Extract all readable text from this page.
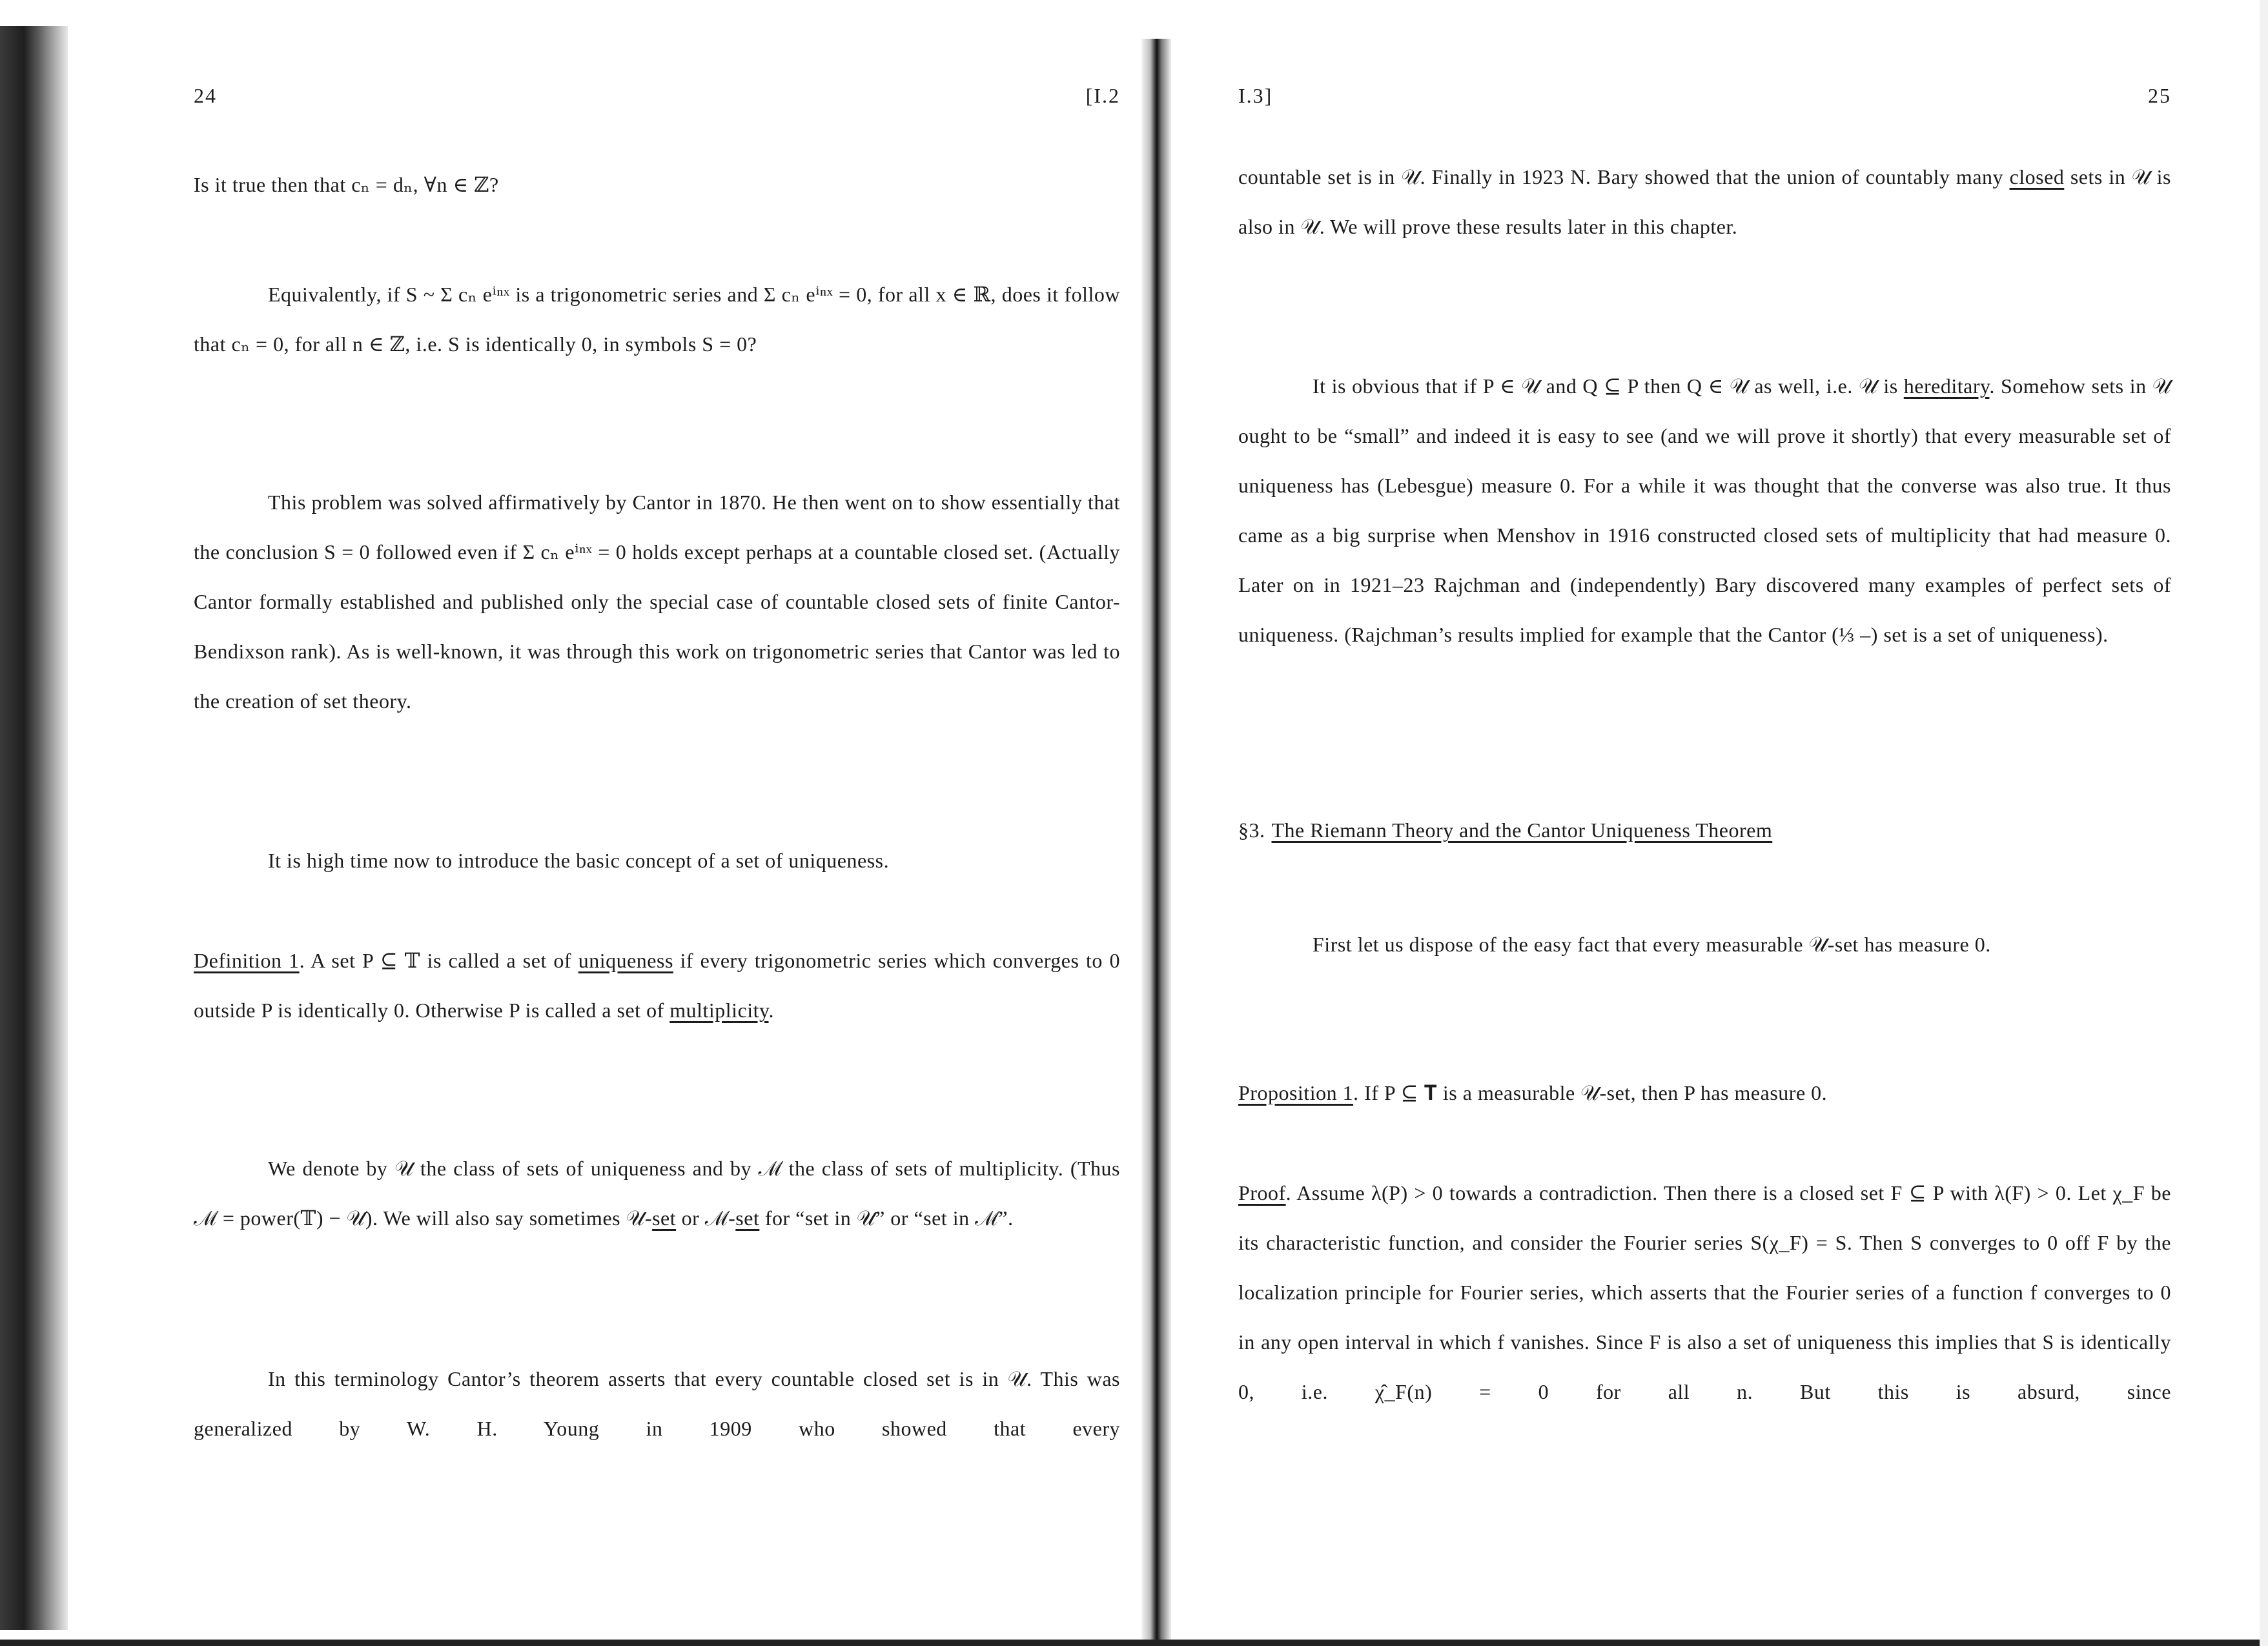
24	[I.2

Is it true then that cₙ = dₙ, ∀n ∈ ℤ?

Equivalently, if S ~ Σ cₙ eⁱⁿˣ is a trigonometric series and Σ cₙ eⁱⁿˣ = 0, for all x ∈ ℝ, does it follow that cₙ = 0, for all n ∈ ℤ, i.e. S is identically 0, in symbols S = 0?

This problem was solved affirmatively by Cantor in 1870. He then went on to show essentially that the conclusion S = 0 followed even if Σ cₙ eⁱⁿˣ = 0 holds except perhaps at a countable closed set. (Actually Cantor formally established and published only the special case of countable closed sets of finite Cantor-Bendixson rank). As is well-known, it was through this work on trigonometric series that Cantor was led to the creation of set theory.

It is high time now to introduce the basic concept of a set of uniqueness.

Definition 1. A set P ⊆ 𝕋 is called a set of uniqueness if every trigonometric series which converges to 0 outside P is identically 0. Otherwise P is called a set of multiplicity.

We denote by 𝒰 the class of sets of uniqueness and by ℳ the class of sets of multiplicity. (Thus ℳ = power(𝕋) − 𝒰). We will also say sometimes 𝒰-set or ℳ-set for “set in 𝒰” or “set in ℳ”.

In this terminology Cantor’s theorem asserts that every countable closed set is in 𝒰. This was generalized by W. H. Young in 1909 who showed that every

I.3]	25

countable set is in 𝒰. Finally in 1923 N. Bary showed that the union of countably many closed sets in 𝒰 is also in 𝒰. We will prove these results later in this chapter.

It is obvious that if P ∈ 𝒰 and Q ⊆ P then Q ∈ 𝒰 as well, i.e. 𝒰 is hereditary. Somehow sets in 𝒰 ought to be “small” and indeed it is easy to see (and we will prove it shortly) that every measurable set of uniqueness has (Lebesgue) measure 0. For a while it was thought that the converse was also true. It thus came as a big surprise when Menshov in 1916 constructed closed sets of multiplicity that had measure 0. Later on in 1921–23 Rajchman and (independently) Bary discovered many examples of perfect sets of uniqueness. (Rajchman’s results implied for example that the Cantor (⅓ –) set is a set of uniqueness).

§3. The Riemann Theory and the Cantor Uniqueness Theorem

First let us dispose of the easy fact that every measurable 𝒰-set has measure 0.

Proposition 1. If P ⊆ 𝐓 is a measurable 𝒰-set, then P has measure 0.

Proof. Assume λ(P) > 0 towards a contradiction. Then there is a closed set F ⊆ P with λ(F) > 0. Let χ_F be its characteristic function, and consider the Fourier series S(χ_F) = S. Then S converges to 0 off F by the localization principle for Fourier series, which asserts that the Fourier series of a function f converges to 0 in any open interval in which f vanishes. Since F is also a set of uniqueness this implies that S is identically 0, i.e. χ̂_F(n) = 0 for all n. But this is absurd, since
